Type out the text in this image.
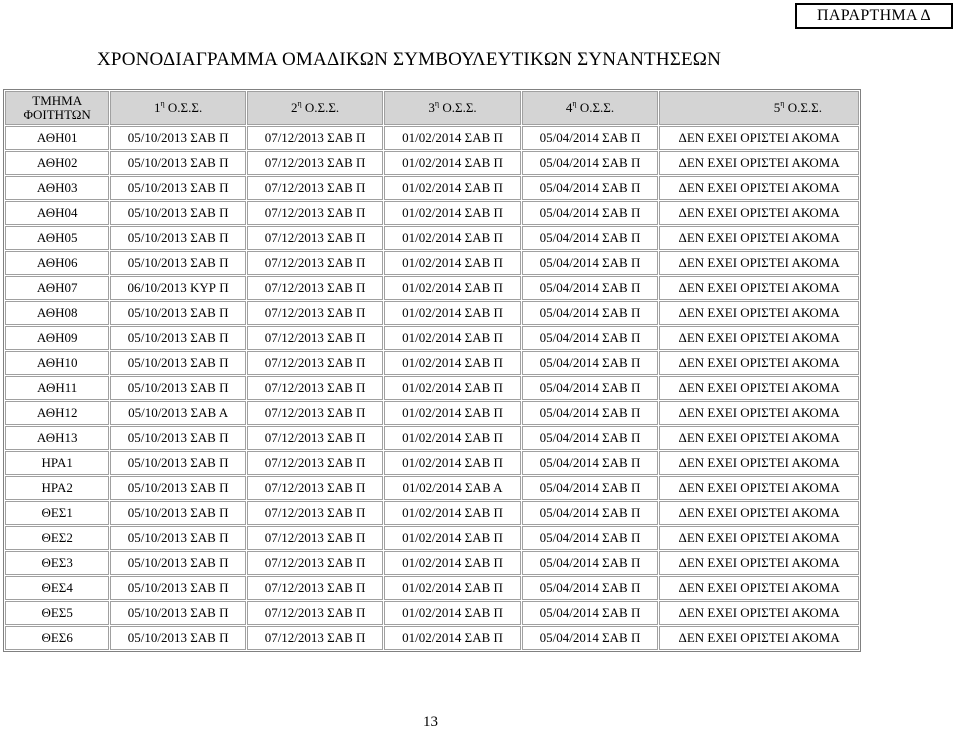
ΠΑΡΑΡΤΗΜΑ Δ
ΧΡΟΝΟΔΙΑΓΡΑΜΜΑ ΟΜΑΔΙΚΩΝ ΣΥΜΒΟΥΛΕΥΤΙΚΩΝ ΣΥΝΑΝΤΗΣΕΩΝ
ΤΜΗΜΑ
ΦΟΙΤΗΤΩΝ	$1^\eta$ Ο.Σ.Σ.	$2^\eta$ Ο.Σ.Σ.	$3^\eta$ Ο.Σ.Σ.	$4^\eta$ Ο.Σ.Σ.	$5^\eta$ Ο.Σ.Σ.
ΑΘΗ01	05/10/2013 ΣΑΒ Π	07/12/2013 ΣΑΒ Π	01/02/2014 ΣΑΒ Π	05/04/2014 ΣΑΒ Π	ΔΕΝ ΕΧΕΙ ΟΡΙΣΤΕΙ ΑΚΟΜΑ
ΑΘΗ02	05/10/2013 ΣΑΒ Π	07/12/2013 ΣΑΒ Π	01/02/2014 ΣΑΒ Π	05/04/2014 ΣΑΒ Π	ΔΕΝ ΕΧΕΙ ΟΡΙΣΤΕΙ ΑΚΟΜΑ
ΑΘΗ03	05/10/2013 ΣΑΒ Π	07/12/2013 ΣΑΒ Π	01/02/2014 ΣΑΒ Π	05/04/2014 ΣΑΒ Π	ΔΕΝ ΕΧΕΙ ΟΡΙΣΤΕΙ ΑΚΟΜΑ
ΑΘΗ04	05/10/2013 ΣΑΒ Π	07/12/2013 ΣΑΒ Π	01/02/2014 ΣΑΒ Π	05/04/2014 ΣΑΒ Π	ΔΕΝ ΕΧΕΙ ΟΡΙΣΤΕΙ ΑΚΟΜΑ
ΑΘΗ05	05/10/2013 ΣΑΒ Π	07/12/2013 ΣΑΒ Π	01/02/2014 ΣΑΒ Π	05/04/2014 ΣΑΒ Π	ΔΕΝ ΕΧΕΙ ΟΡΙΣΤΕΙ ΑΚΟΜΑ
ΑΘΗ06	05/10/2013 ΣΑΒ Π	07/12/2013 ΣΑΒ Π	01/02/2014 ΣΑΒ Π	05/04/2014 ΣΑΒ Π	ΔΕΝ ΕΧΕΙ ΟΡΙΣΤΕΙ ΑΚΟΜΑ
ΑΘΗ07	06/10/2013 ΚΥΡ Π	07/12/2013 ΣΑΒ Π	01/02/2014 ΣΑΒ Π	05/04/2014 ΣΑΒ Π	ΔΕΝ ΕΧΕΙ ΟΡΙΣΤΕΙ ΑΚΟΜΑ
ΑΘΗ08	05/10/2013 ΣΑΒ Π	07/12/2013 ΣΑΒ Π	01/02/2014 ΣΑΒ Π	05/04/2014 ΣΑΒ Π	ΔΕΝ ΕΧΕΙ ΟΡΙΣΤΕΙ ΑΚΟΜΑ
ΑΘΗ09	05/10/2013 ΣΑΒ Π	07/12/2013 ΣΑΒ Π	01/02/2014 ΣΑΒ Π	05/04/2014 ΣΑΒ Π	ΔΕΝ ΕΧΕΙ ΟΡΙΣΤΕΙ ΑΚΟΜΑ
ΑΘΗ10	05/10/2013 ΣΑΒ Π	07/12/2013 ΣΑΒ Π	01/02/2014 ΣΑΒ Π	05/04/2014 ΣΑΒ Π	ΔΕΝ ΕΧΕΙ ΟΡΙΣΤΕΙ ΑΚΟΜΑ
ΑΘΗ11	05/10/2013 ΣΑΒ Π	07/12/2013 ΣΑΒ Π	01/02/2014 ΣΑΒ Π	05/04/2014 ΣΑΒ Π	ΔΕΝ ΕΧΕΙ ΟΡΙΣΤΕΙ ΑΚΟΜΑ
ΑΘΗ12	05/10/2013 ΣΑΒ Α	07/12/2013 ΣΑΒ Π	01/02/2014 ΣΑΒ Π	05/04/2014 ΣΑΒ Π	ΔΕΝ ΕΧΕΙ ΟΡΙΣΤΕΙ ΑΚΟΜΑ
ΑΘΗ13	05/10/2013 ΣΑΒ Π	07/12/2013 ΣΑΒ Π	01/02/2014 ΣΑΒ Π	05/04/2014 ΣΑΒ Π	ΔΕΝ ΕΧΕΙ ΟΡΙΣΤΕΙ ΑΚΟΜΑ
ΗΡΑ1	05/10/2013 ΣΑΒ Π	07/12/2013 ΣΑΒ Π	01/02/2014 ΣΑΒ Π	05/04/2014 ΣΑΒ Π	ΔΕΝ ΕΧΕΙ ΟΡΙΣΤΕΙ ΑΚΟΜΑ
ΗΡΑ2	05/10/2013 ΣΑΒ Π	07/12/2013 ΣΑΒ Π	01/02/2014 ΣΑΒ Α	05/04/2014 ΣΑΒ Π	ΔΕΝ ΕΧΕΙ ΟΡΙΣΤΕΙ ΑΚΟΜΑ
ΘΕΣ1	05/10/2013 ΣΑΒ Π	07/12/2013 ΣΑΒ Π	01/02/2014 ΣΑΒ Π	05/04/2014 ΣΑΒ Π	ΔΕΝ ΕΧΕΙ ΟΡΙΣΤΕΙ ΑΚΟΜΑ
ΘΕΣ2	05/10/2013 ΣΑΒ Π	07/12/2013 ΣΑΒ Π	01/02/2014 ΣΑΒ Π	05/04/2014 ΣΑΒ Π	ΔΕΝ ΕΧΕΙ ΟΡΙΣΤΕΙ ΑΚΟΜΑ
ΘΕΣ3	05/10/2013 ΣΑΒ Π	07/12/2013 ΣΑΒ Π	01/02/2014 ΣΑΒ Π	05/04/2014 ΣΑΒ Π	ΔΕΝ ΕΧΕΙ ΟΡΙΣΤΕΙ ΑΚΟΜΑ
ΘΕΣ4	05/10/2013 ΣΑΒ Π	07/12/2013 ΣΑΒ Π	01/02/2014 ΣΑΒ Π	05/04/2014 ΣΑΒ Π	ΔΕΝ ΕΧΕΙ ΟΡΙΣΤΕΙ ΑΚΟΜΑ
ΘΕΣ5	05/10/2013 ΣΑΒ Π	07/12/2013 ΣΑΒ Π	01/02/2014 ΣΑΒ Π	05/04/2014 ΣΑΒ Π	ΔΕΝ ΕΧΕΙ ΟΡΙΣΤΕΙ ΑΚΟΜΑ
ΘΕΣ6	05/10/2013 ΣΑΒ Π	07/12/2013 ΣΑΒ Π	01/02/2014 ΣΑΒ Π	05/04/2014 ΣΑΒ Π	ΔΕΝ ΕΧΕΙ ΟΡΙΣΤΕΙ ΑΚΟΜΑ
13
